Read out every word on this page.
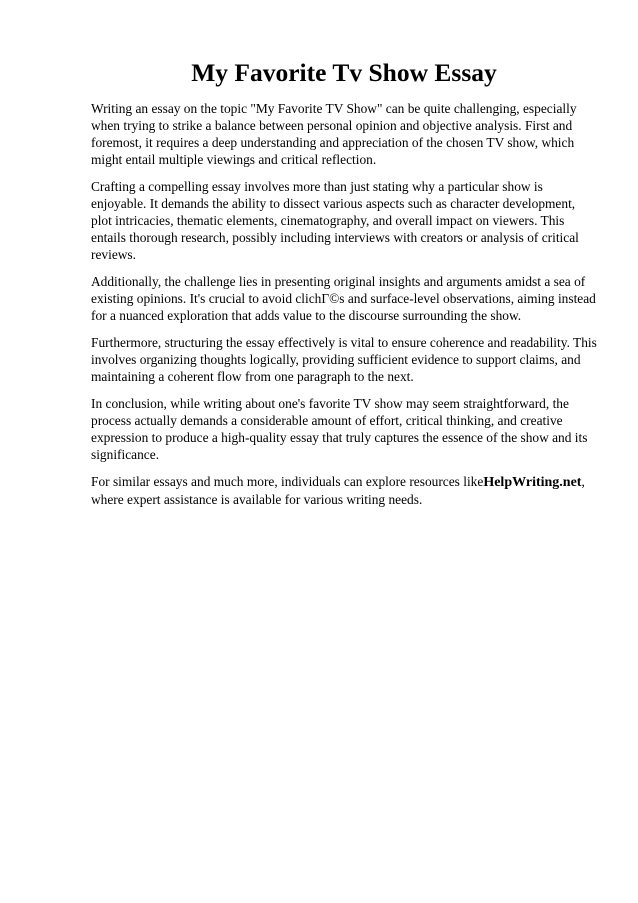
My Favorite Tv Show Essay

Writing an essay on the topic "My Favorite TV Show" can be quite challenging, especially when trying to strike a balance between personal opinion and objective analysis. First and foremost, it requires a deep understanding and appreciation of the chosen TV show, which might entail multiple viewings and critical reflection.

Crafting a compelling essay involves more than just stating why a particular show is enjoyable. It demands the ability to dissect various aspects such as character development, plot intricacies, thematic elements, cinematography, and overall impact on viewers. This entails thorough research, possibly including interviews with creators or analysis of critical reviews.

Additionally, the challenge lies in presenting original insights and arguments amidst a sea of existing opinions. It's crucial to avoid clichГ©s and surface-level observations, aiming instead for a nuanced exploration that adds value to the discourse surrounding the show.

Furthermore, structuring the essay effectively is vital to ensure coherence and readability. This involves organizing thoughts logically, providing sufficient evidence to support claims, and maintaining a coherent flow from one paragraph to the next.

In conclusion, while writing about one's favorite TV show may seem straightforward, the process actually demands a considerable amount of effort, critical thinking, and creative expression to produce a high-quality essay that truly captures the essence of the show and its significance.

For similar essays and much more, individuals can explore resources likeHelpWriting.net, where expert assistance is available for various writing needs.
